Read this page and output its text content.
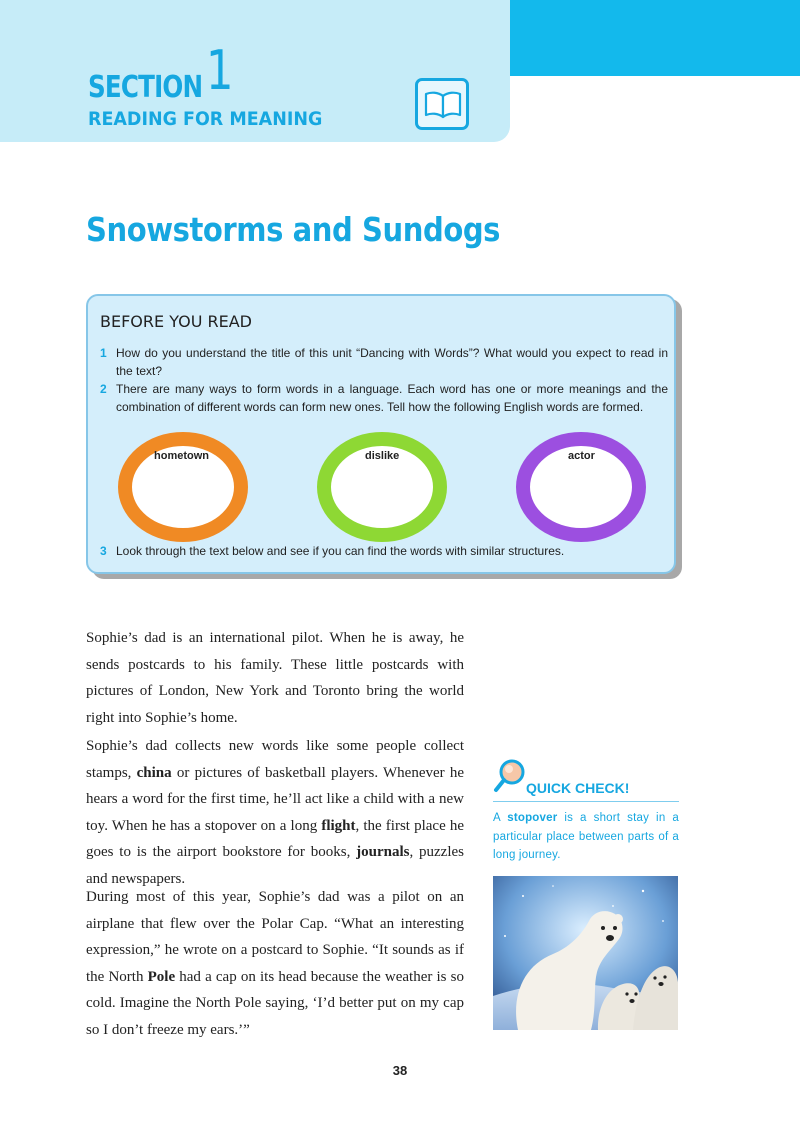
SECTION 1
READING FOR MEANING
Snowstorms and Sundogs
BEFORE YOU READ
1 How do you understand the title of this unit “Dancing with Words”? What would you expect to read in the text?
2 There are many ways to form words in a language. Each word has one or more meanings and the combination of different words can form new ones. Tell how the following English words are formed.
hometown	dislike	actor
3 Look through the text below and see if you can find the words with similar structures.
Sophie’s dad is an international pilot. When he is away, he sends postcards to his family. These little postcards with pictures of London, New York and Toronto bring the world right into Sophie’s home.
Sophie’s dad collects new words like some people collect stamps, china or pictures of basketball players. Whenever he hears a word for the first time, he’ll act like a child with a new toy. When he has a stopover on a long flight, the first place he goes to is the airport bookstore for books, journals, puzzles and newspapers.
During most of this year, Sophie’s dad was a pilot on an airplane that flew over the Polar Cap. “What an interesting expression,” he wrote on a postcard to Sophie. “It sounds as if the North Pole had a cap on its head because the weather is so cold. Imagine the North Pole saying, ‘I’d better put on my cap so I don’t freeze my ears.’”
QUICK CHECK!
A stopover is a short stay in a particular place between parts of a long journey.
38
